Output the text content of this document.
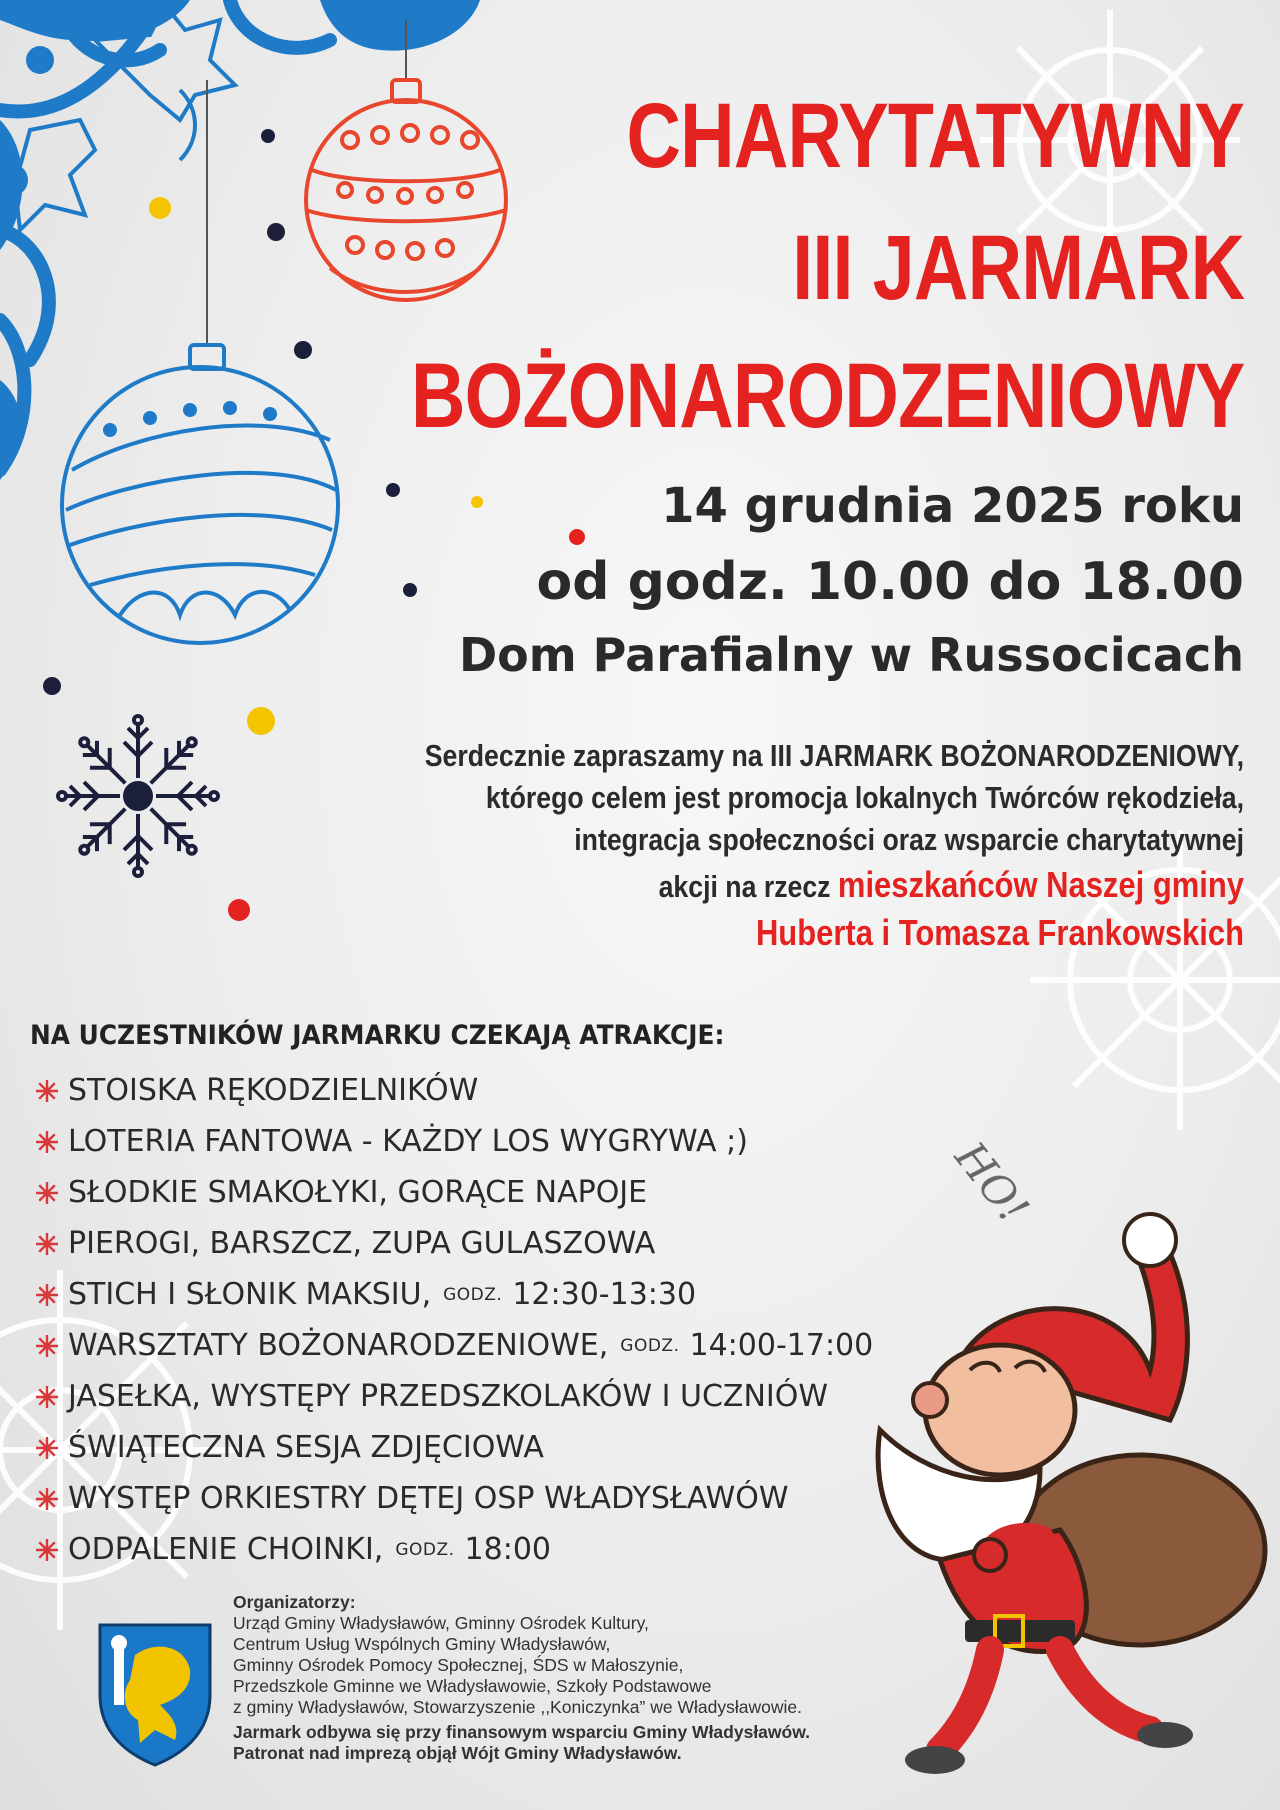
CHARYTATYWNY
III JARMARK
BOŻONARODZENIOWY
14 grudnia 2025 roku
od godz. 10.00 do 18.00
Dom Parafialny w Russocicach
Serdecznie zapraszamy na III JARMARK BOŻONARODZENIOWY,
którego celem jest promocja lokalnych Twórców rękodzieła,
integracja społeczności oraz wsparcie charytatywnej
akcji na rzecz mieszkańców Naszej gminy
Huberta i Tomasza Frankowskich
NA UCZESTNIKÓW JARMARKU CZEKAJĄ ATRAKCJE:
STOISKA RĘKODZIELNIKÓW
LOTERIA FANTOWA - KAŻDY LOS WYGRYWA ;)
SŁODKIE SMAKOŁYKI, GORĄCE NAPOJE
PIEROGI, BARSZCZ, ZUPA GULASZOWA
STICH I SŁONIK MAKSIU, GODZ. 12:30-13:30
WARSZTATY BOŻONARODZENIOWE, GODZ. 14:00-17:00
JASEŁKA, WYSTĘPY PRZEDSZKOLAKÓW I UCZNIÓW
ŚWIĄTECZNA SESJA ZDJĘCIOWA
WYSTĘP ORKIESTRY DĘTEJ OSP WŁADYSŁAWÓW
ODPALENIE CHOINKI, GODZ. 18:00
HO!
Organizatorzy:
Urząd Gminy Władysławów, Gminny Ośrodek Kultury,
Centrum Usług Wspólnych Gminy Władysławów,
Gminny Ośrodek Pomocy Społecznej, ŚDS w Małoszynie,
Przedszkole Gminne we Władysławowie, Szkoły Podstawowe
z gminy Władysławów, Stowarzyszenie ,,Koniczynka” we Władysławowie.
Jarmark odbywa się przy finansowym wsparciu Gminy Władysławów.
Patronat nad imprezą objął Wójt Gminy Władysławów.
